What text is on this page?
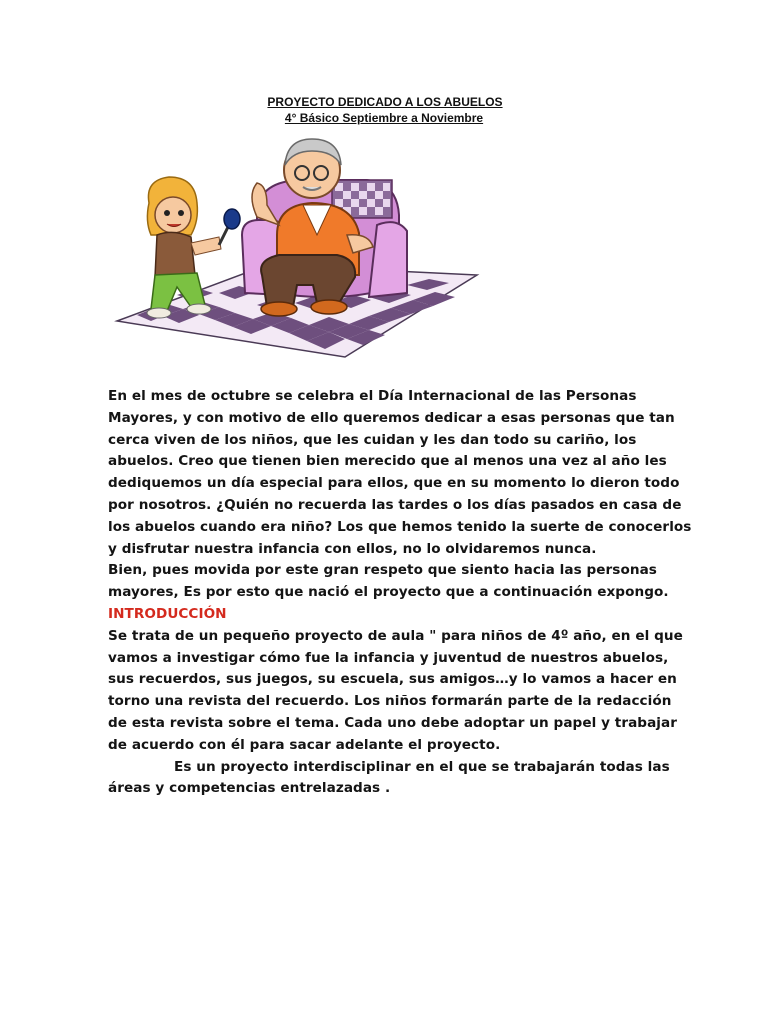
PROYECTO DEDICADO A LOS ABUELOS
4° Básico Septiembre a Noviembre
En el mes de octubre se celebra el Día Internacional de las Personas
Mayores, y con motivo de ello queremos dedicar a esas personas que tan
cerca viven de los niños, que les cuidan y les dan todo su cariño, los
abuelos. Creo que tienen bien merecido que al menos una vez al año les
dediquemos un día especial para ellos, que en su momento lo dieron todo
por nosotros. ¿Quién no recuerda las tardes o los días pasados en casa de
los abuelos cuando era niño? Los que hemos tenido la suerte de conocerlos
y disfrutar nuestra infancia con ellos, no lo olvidaremos nunca.
Bien, pues movida por este gran respeto que siento hacia las personas
mayores, Es por esto que nació el proyecto que a continuación expongo.
INTRODUCCIÓN
Se trata de un pequeño proyecto de aula " para niños de 4º año, en el que
vamos a investigar cómo fue la infancia y juventud de nuestros abuelos,
sus recuerdos, sus juegos, su escuela, sus amigos…y lo vamos a hacer en
torno una revista del recuerdo. Los niños formarán parte de la redacción
de esta revista sobre el tema. Cada uno debe adoptar un papel y trabajar
de acuerdo con él para sacar adelante el proyecto.
Es un proyecto interdisciplinar en el que se trabajarán todas las
áreas y competencias entrelazadas .
